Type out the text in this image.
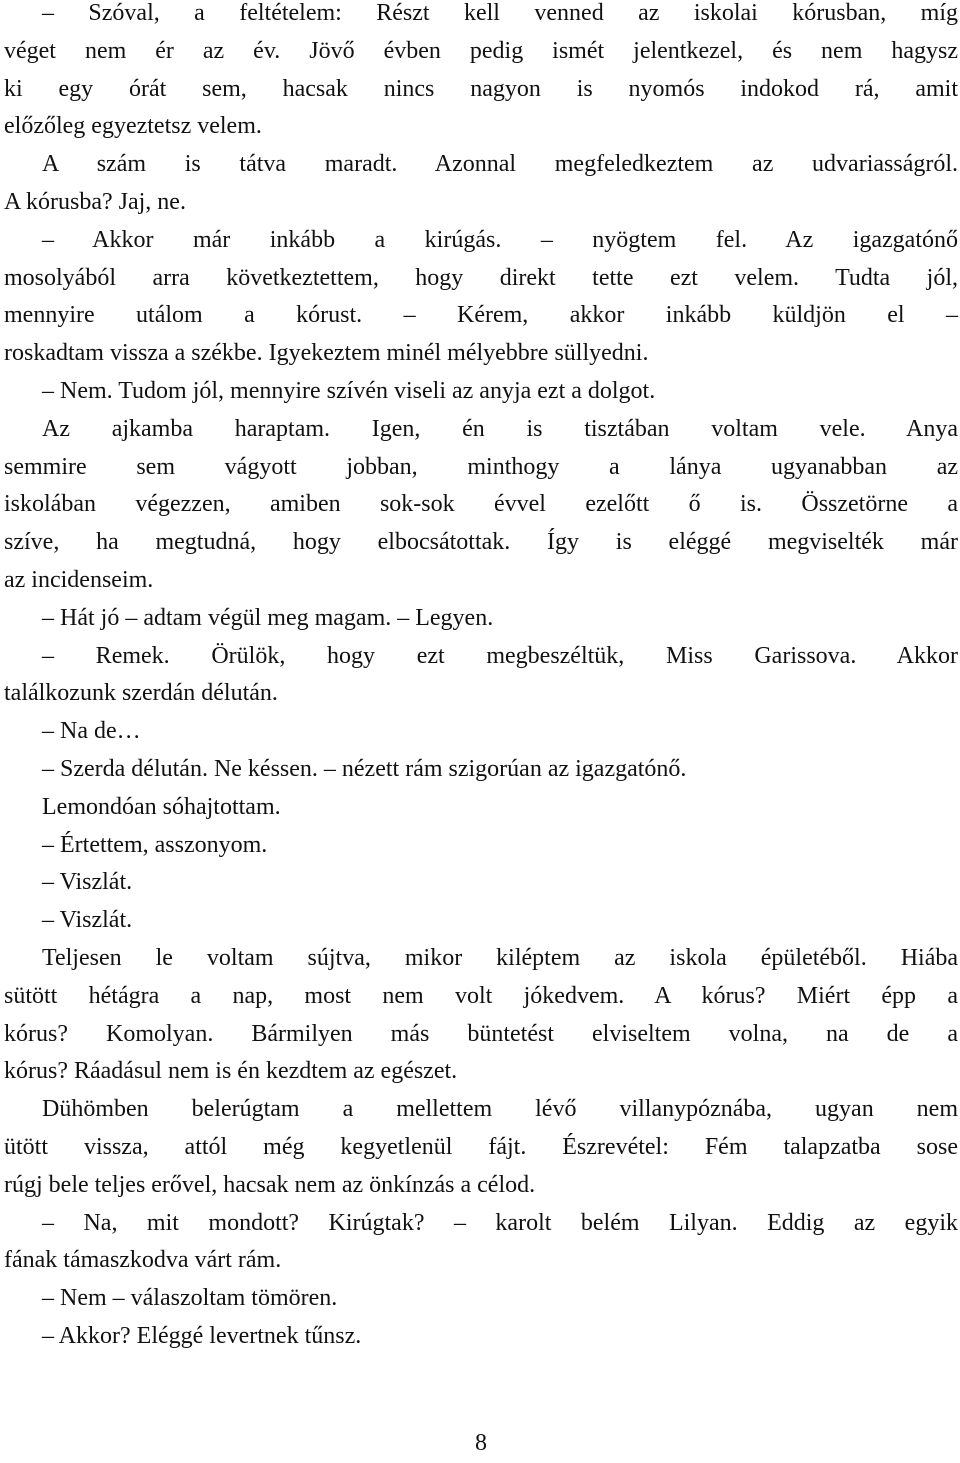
– Szóval, a feltételem: Részt kell venned az iskolai kórusban, míg
véget nem ér az év. Jövő évben pedig ismét jelentkezel, és nem hagysz
ki egy órát sem, hacsak nincs nagyon is nyomós indokod rá, amit
előzőleg egyeztetsz velem.
A szám is tátva maradt. Azonnal megfeledkeztem az udvariasságról.
A kórusba? Jaj, ne.
– Akkor már inkább a kirúgás. – nyögtem fel. Az igazgatónő
mosolyából arra következtettem, hogy direkt tette ezt velem. Tudta jól,
mennyire utálom a kórust. – Kérem, akkor inkább küldjön el –
roskadtam vissza a székbe. Igyekeztem minél mélyebbre süllyedni.
– Nem. Tudom jól, mennyire szívén viseli az anyja ezt a dolgot.
Az ajkamba haraptam. Igen, én is tisztában voltam vele. Anya
semmire sem vágyott jobban, minthogy a lánya ugyanabban az
iskolában végezzen, amiben sok-sok évvel ezelőtt ő is. Összetörne a
szíve, ha megtudná, hogy elbocsátottak. Így is eléggé megviselték már
az incidenseim.
– Hát jó – adtam végül meg magam. – Legyen.
– Remek. Örülök, hogy ezt megbeszéltük, Miss Garissova. Akkor
találkozunk szerdán délután.
– Na de…
– Szerda délután. Ne késsen. – nézett rám szigorúan az igazgatónő.
Lemondóan sóhajtottam.
– Értettem, asszonyom.
– Viszlát.
– Viszlát.
Teljesen le voltam sújtva, mikor kiléptem az iskola épületéből. Hiába
sütött hétágra a nap, most nem volt jókedvem. A kórus? Miért épp a
kórus? Komolyan. Bármilyen más büntetést elviseltem volna, na de a
kórus? Ráadásul nem is én kezdtem az egészet.
Dühömben belerúgtam a mellettem lévő villanypóznába, ugyan nem
ütött vissza, attól még kegyetlenül fájt. Észrevétel: Fém talapzatba sose
rúgj bele teljes erővel, hacsak nem az önkínzás a célod.
– Na, mit mondott? Kirúgtak? – karolt belém Lilyan. Eddig az egyik
fának támaszkodva várt rám.
– Nem – válaszoltam tömören.
– Akkor? Eléggé levertnek tűnsz.
8
